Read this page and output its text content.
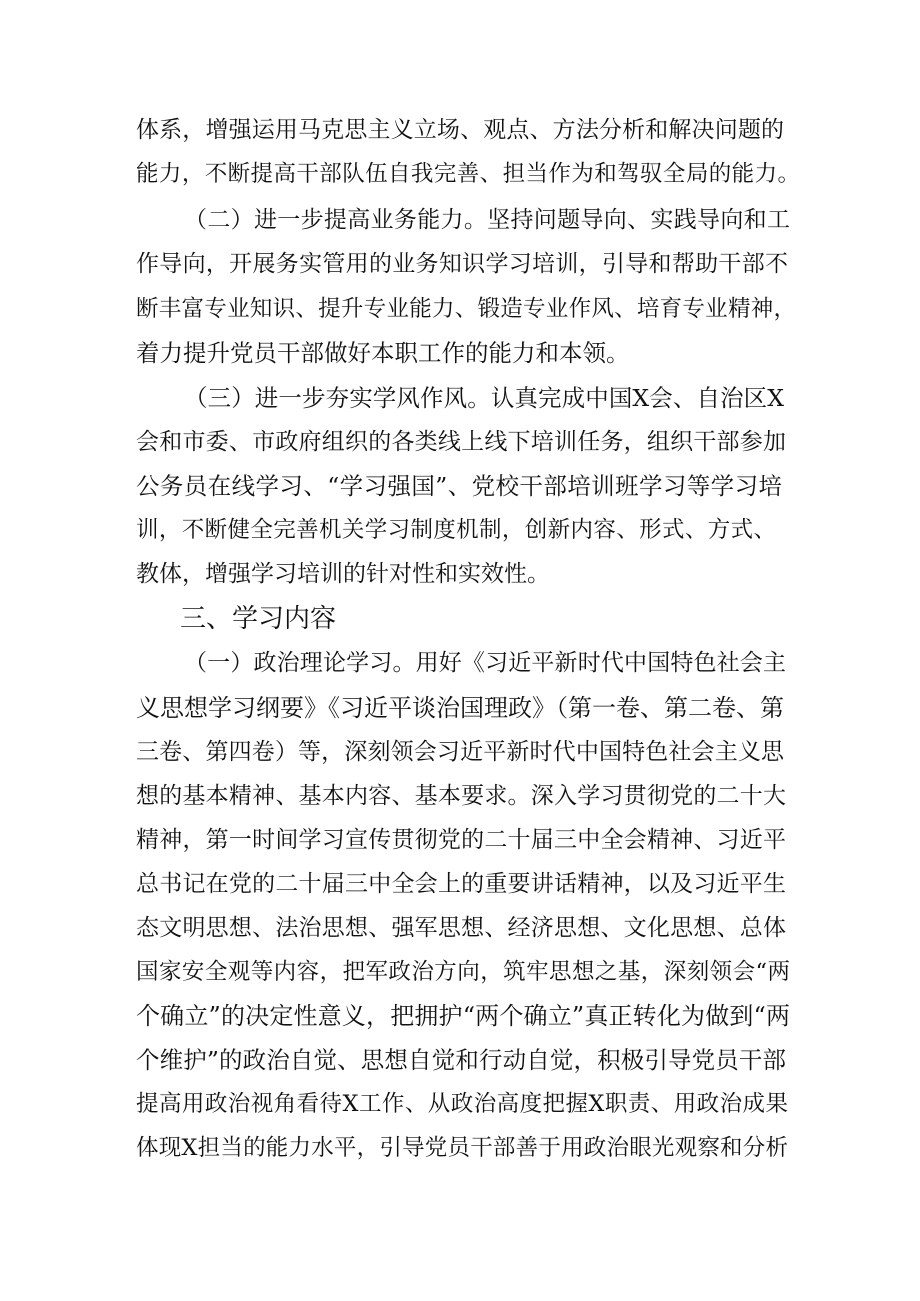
体系，增强运用马克思主义立场、观点、方法分析和解决问题的
能力，不断提高干部队伍自我完善、担当作为和驾驭全局的能力。
（二）进一步提高业务能力。坚持问题导向、实践导向和工
作导向，开展务实管用的业务知识学习培训，引导和帮助干部不
断丰富专业知识、提升专业能力、锻造专业作风、培育专业精神，
着力提升党员干部做好本职工作的能力和本领。
（三）进一步夯实学风作风。认真完成中国X会、自治区X
会和市委、市政府组织的各类线上线下培训任务，组织干部参加
公务员在线学习、“学习强国”、党校干部培训班学习等学习培
训，不断健全完善机关学习制度机制，创新内容、形式、方式、
教体，增强学习培训的针对性和实效性。
三、学习内容
（一）政治理论学习。用好《习近平新时代中国特色社会主
义思想学习纲要》《习近平谈治国理政》（第一卷、第二卷、第
三卷、第四卷）等，深刻领会习近平新时代中国特色社会主义思
想的基本精神、基本内容、基本要求。深入学习贯彻党的二十大
精神，第一时间学习宣传贯彻党的二十届三中全会精神、习近平
总书记在党的二十届三中全会上的重要讲话精神，以及习近平生
态文明思想、法治思想、强军思想、经济思想、文化思想、总体
国家安全观等内容，把军政治方向，筑牢思想之基，深刻领会“两
个确立”的决定性意义，把拥护“两个确立”真正转化为做到“两
个维护”的政治自觉、思想自觉和行动自觉，积极引导党员干部
提高用政治视角看待X工作、从政治高度把握X职责、用政治成果
体现X担当的能力水平，引导党员干部善于用政治眼光观察和分析
